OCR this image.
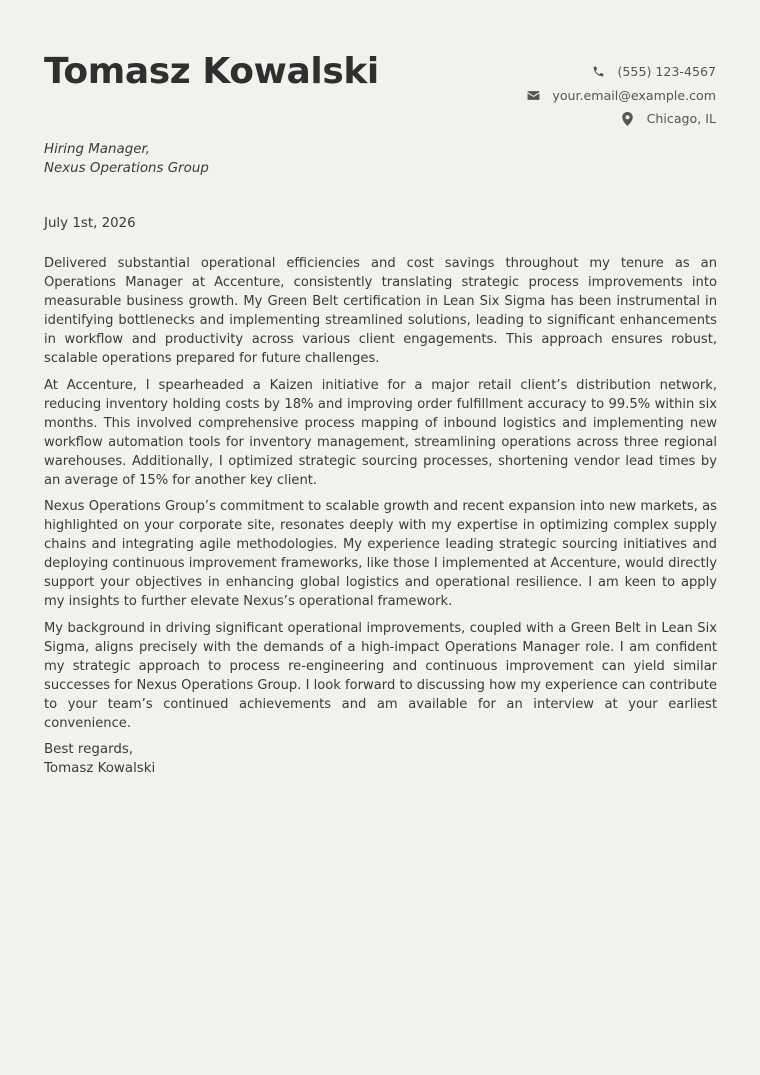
Tomasz Kowalski	(555) 123-4567
your.email@example.com
Chicago, IL
Hiring Manager,
Nexus Operations Group
July 1st, 2026

Delivered substantial operational efficiencies and cost savings throughout my tenure as an Operations Manager at Accenture, consistently translating strategic process improvements into measurable business growth. My Green Belt certification in Lean Six Sigma has been instrumental in identifying bottlenecks and implementing streamlined solutions, leading to significant enhancements in workflow and productivity across various client engagements. This approach ensures robust, scalable operations prepared for future challenges.

At Accenture, I spearheaded a Kaizen initiative for a major retail client’s distribution network, reducing inventory holding costs by 18% and improving order fulfillment accuracy to 99.5% within six months. This involved comprehensive process mapping of inbound logistics and implementing new workflow automation tools for inventory management, streamlining operations across three regional warehouses. Additionally, I optimized strategic sourcing processes, shortening vendor lead times by an average of 15% for another key client.

Nexus Operations Group’s commitment to scalable growth and recent expansion into new markets, as highlighted on your corporate site, resonates deeply with my expertise in optimizing complex supply chains and integrating agile methodologies. My experience leading strategic sourcing initiatives and deploying continuous improvement frameworks, like those I implemented at Accenture, would directly support your objectives in enhancing global logistics and operational resilience. I am keen to apply my insights to further elevate Nexus’s operational framework.

My background in driving significant operational improvements, coupled with a Green Belt in Lean Six Sigma, aligns precisely with the demands of a high-impact Operations Manager role. I am confident my strategic approach to process re-engineering and continuous improvement can yield similar successes for Nexus Operations Group. I look forward to discussing how my experience can contribute to your team’s continued achievements and am available for an interview at your earliest convenience.

Best regards,
Tomasz Kowalski
